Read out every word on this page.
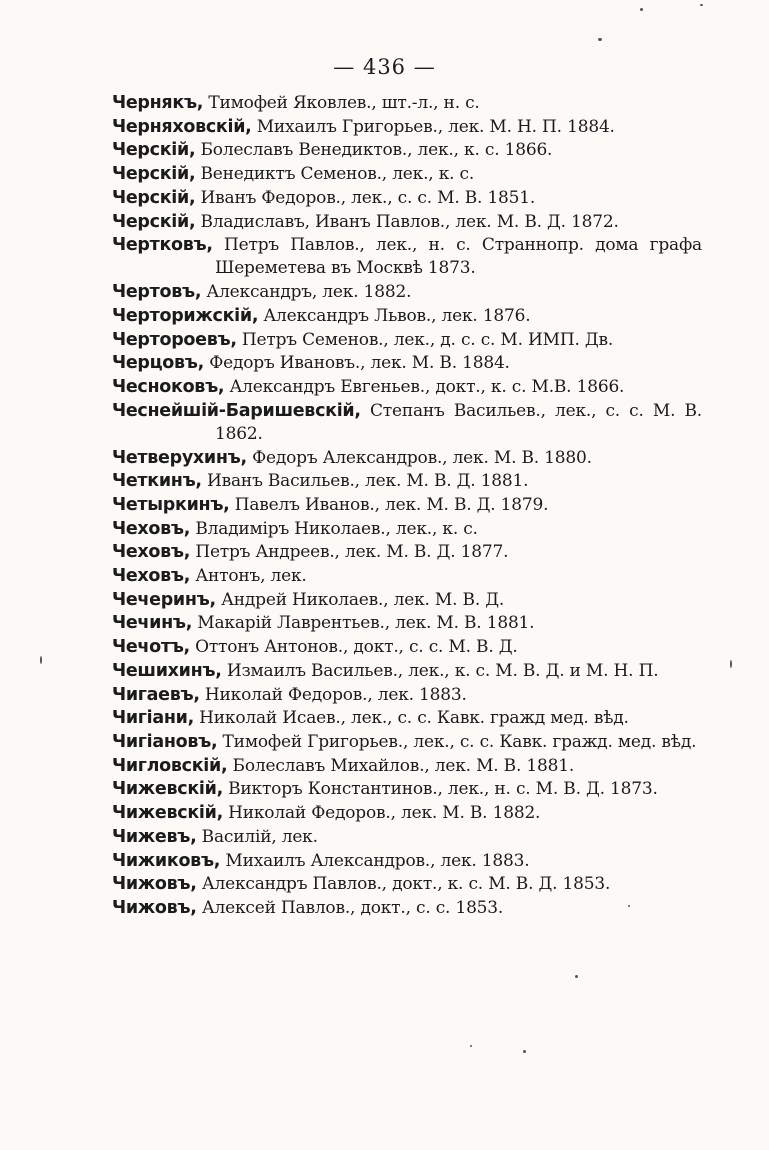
— 436 —
Чернякъ, Тимофей Яковлев., шт.-л., н. с.
Черняховскій, Михаилъ Григорьев., лек. М. Н. П. 1884.
Черскій, Болеславъ Венедиктов., лек., к. с. 1866.
Черскій, Венедиктъ Семенов., лек., к. с.
Черскій, Иванъ Федоров., лек., с. с. М. В. 1851.
Черскій, Владиславъ, Иванъ Павлов., лек. М. В. Д. 1872.
Чертковъ, Петръ Павлов., лек., н. с. Страннопр. дома графа Шереметева въ Москвѣ 1873.
Чертовъ, Александръ, лек. 1882.
Черторижскій, Александръ Львов., лек. 1876.
Чертороевъ, Петръ Семенов., лек., д. с. с. М. ИМП. Дв.
Черцовъ, Федоръ Ивановъ., лек. М. В. 1884.
Чесноковъ, Александръ Евгеньев., докт., к. с. М.В. 1866.
Чеснейшій-Баришевскій, Степанъ Васильев., лек., с. с. М. В. 1862.
Четверухинъ, Федоръ Александров., лек. М. В. 1880.
Четкинъ, Иванъ Васильев., лек. М. В. Д. 1881.
Четыркинъ, Павелъ Иванов., лек. М. В. Д. 1879.
Чеховъ, Владиміръ Николаев., лек., к. с.
Чеховъ, Петръ Андреев., лек. М. В. Д. 1877.
Чеховъ, Антонъ, лек.
Чечеринъ, Андрей Николаев., лек. М. В. Д.
Чечинъ, Макарій Лаврентьев., лек. М. В. 1881.
Чечотъ, Оттонъ Антонов., докт., с. с. М. В. Д.
Чешихинъ, Измаилъ Васильев., лек., к. с. М. В. Д. и М. Н. П.
Чигаевъ, Николай Федоров., лек. 1883.
Чигіани, Николай Исаев., лек., с. с. Кавк. гражд мед. вѣд.
Чигіановъ, Тимофей Григорьев., лек., с. с. Кавк. гражд. мед. вѣд.
Чигловскій, Болеславъ Михайлов., лек. М. В. 1881.
Чижевскій, Викторъ Константинов., лек., н. с. М. В. Д. 1873.
Чижевскій, Николай Федоров., лек. М. В. 1882.
Чижевъ, Василій, лек.
Чижиковъ, Михаилъ Александров., лек. 1883.
Чижовъ, Александръ Павлов., докт., к. с. М. В. Д. 1853.
Чижовъ, Алексей Павлов., докт., с. с. 1853.
